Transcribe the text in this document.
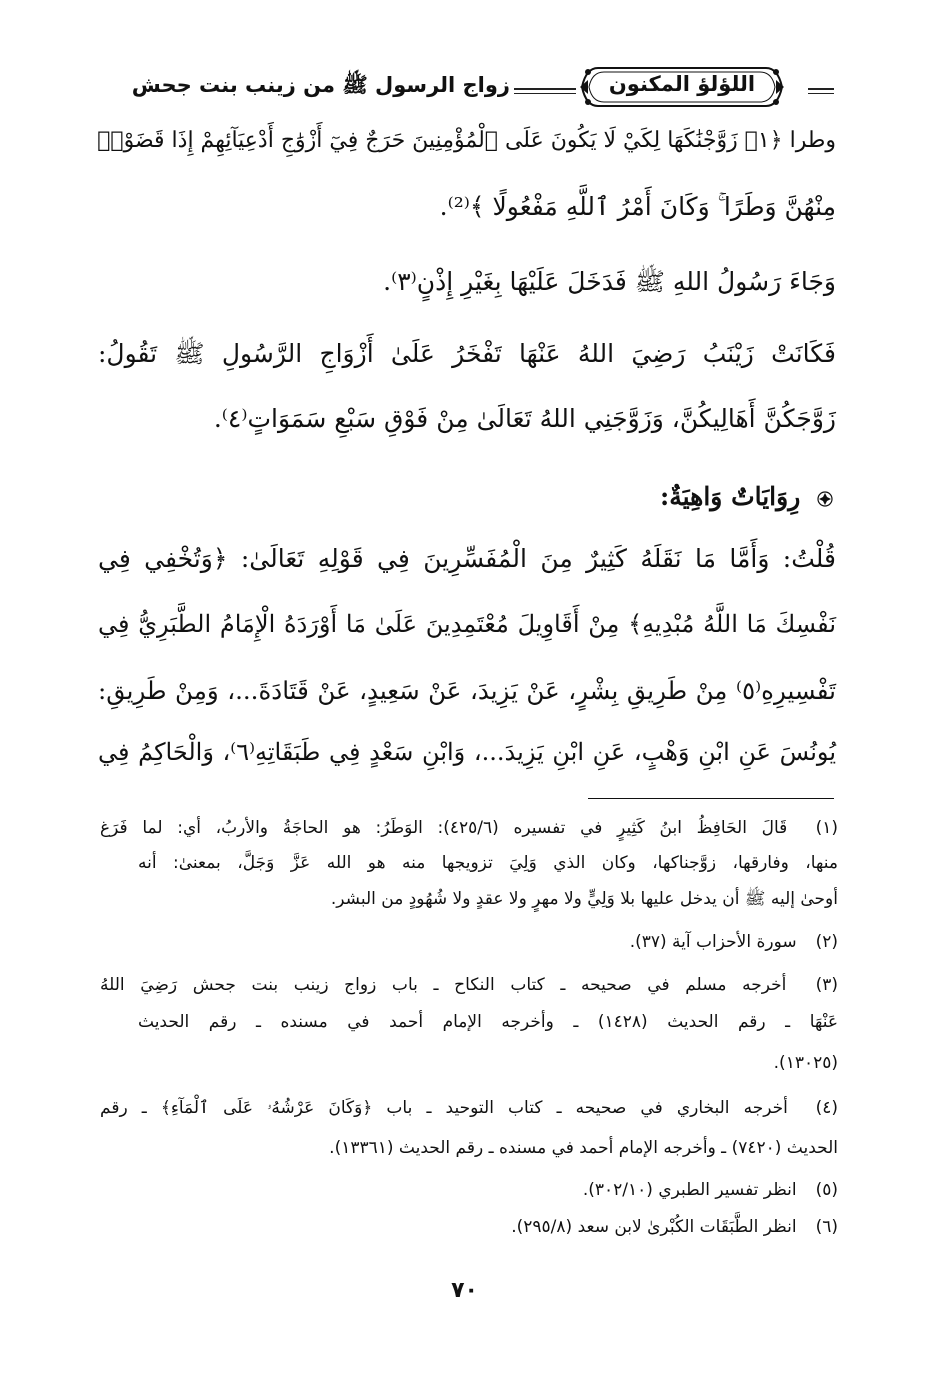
زواج الرسول ﷺ من زينب بنت جحش	اللؤلؤ المكنون
وطرا ﴿١﴾ زَوَّجْنَٰكَهَا لِكَيْ لَا يَكُونَ عَلَى ٱلْمُؤْمِنِينَ حَرَجٌ فِيٓ أَزْوَٰجِ أَدْعِيَآئِهِمْ إِذَا قَضَوْا۟
مِنْهُنَّ وَطَرًا ۚ وَكَانَ أَمْرُ ٱللَّهِ مَفْعُولًا ﴾⁽²⁾.
وَجَاءَ رَسُولُ اللهِ ﷺ فَدَخَلَ عَلَيْهَا بِغَيْرِ إِذْنٍ⁽٣⁾.
فَكَانَتْ زَيْنَبُ رَضِيَ اللهُ عَنْهَا تَفْخَرُ عَلَىٰ أَزْوَاجِ الرَّسُولِ ﷺ تَقُولُ:
زَوَّجَكُنَّ أَهَالِيكُنَّ، وَزَوَّجَنِي اللهُ تَعَالَىٰ مِنْ فَوْقِ سَبْعِ سَمَوَاتٍ⁽٤⁾.
قُلْتُ: وَأَمَّا مَا نَقَلَهُ كَثِيرٌ مِنَ الْمُفَسِّرِينَ فِي قَوْلِهِ تَعَالَىٰ: ﴿وَتُخْفِي فِي
نَفْسِكَ مَا اللَّهُ مُبْدِيهِ﴾ مِنْ أَقَاوِيلَ مُعْتَمِدِينَ عَلَىٰ مَا أَوْرَدَهُ الْإِمَامُ الطَّبَرِيُّ فِي
تَفْسِيرِهِ⁽٥⁾ مِنْ طَرِيقِ بِشْرٍ، عَنْ يَزِيدَ، عَنْ سَعِيدٍ، عَنْ قَتَادَةَ...، وَمِنْ طَرِيقِ:
يُونُسَ عَنِ ابْنِ وَهْبٍ، عَنِ ابْنِ يَزِيدَ...، وَابْنِ سَعْدٍ فِي طَبَقَاتِهِ⁽٦⁾، وَالْحَاكِمُ فِي
رِوَايَاتٌ وَاهِيَةٌ:
(١) قَالَ الحَافِظُ ابنُ كَثِيرٍ في تفسيره (٤٢٥/٦): الوَطَرُ: هو الحاجَةُ والأربُ، أي: لما فَرَغ
منها، وفارقها، زوَّجناكها، وكان الذي وَلِيَ تزويجها منه هو الله عَزَّ وَجَلَّ، بمعنىٰ: أنه
أوحىٰ إليه ﷺ أن يدخل عليها بلا وَلِيٍّ ولا مهرٍ ولا عقدٍ ولا شُهُودٍ من البشر.
(٢) سورة الأحزاب آية (٣٧).
(٣) أخرجه مسلم في صحيحه ـ كتاب النكاح ـ باب زواج زينب بنت جحش رَضِيَ اللهُ
عَنْهَا ـ رقم الحديث (١٤٢٨) ـ وأخرجه الإمام أحمد في مسنده ـ رقم الحديث
(١٣٠٢٥).
(٤) أخرجه البخاري في صحيحه ـ كتاب التوحيد ـ باب ﴿وَكَانَ عَرْشُهُۥ عَلَى ٱلْمَآءِ﴾ ـ رقم
الحديث (٧٤٢٠) ـ وأخرجه الإمام أحمد في مسنده ـ رقم الحديث (١٣٣٦١).
(٥) انظر تفسير الطبري (٣٠٢/١٠).
(٦) انظر الطَّبَقَات الكُبْرىٰ لابن سعد (٢٩٥/٨).
٧٠
